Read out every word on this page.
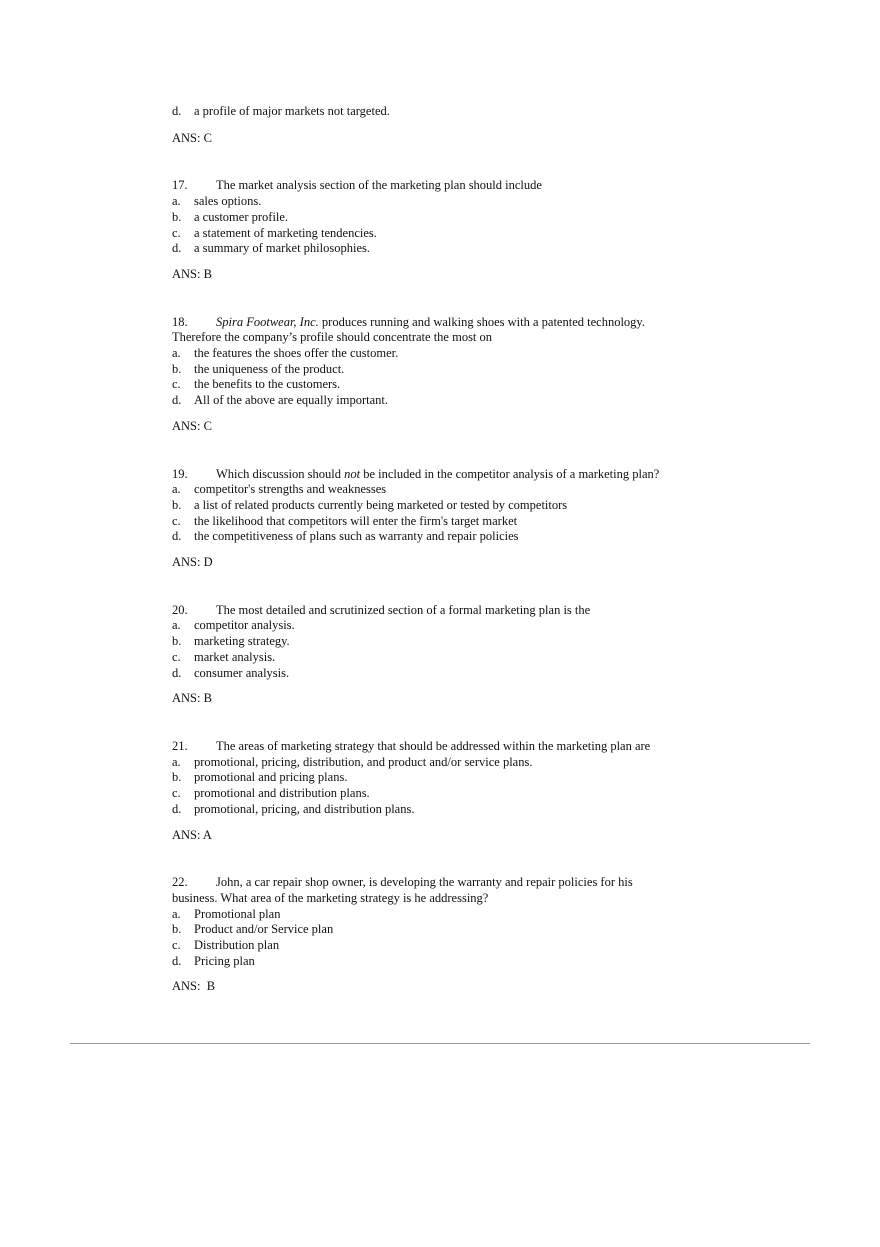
d.	a profile of major markets not targeted.
ANS: C
17. The market analysis section of the marketing plan should include
a.	sales options.
b.	a customer profile.
c.	a statement of marketing tendencies.
d.	a summary of market philosophies.
ANS: B
18. Spira Footwear, Inc. produces running and walking shoes with a patented technology.
Therefore the company’s profile should concentrate the most on
a.	the features the shoes offer the customer.
b.	the uniqueness of the product.
c.	the benefits to the customers.
d.	All of the above are equally important.
ANS: C
19. Which discussion should not be included in the competitor analysis of a marketing plan?
a.	competitor's strengths and weaknesses
b.	a list of related products currently being marketed or tested by competitors
c.	the likelihood that competitors will enter the firm's target market
d.	the competitiveness of plans such as warranty and repair policies
ANS: D
20. The most detailed and scrutinized section of a formal marketing plan is the
a.	competitor analysis.
b.	marketing strategy.
c.	market analysis.
d.	consumer analysis.
ANS: B
21. The areas of marketing strategy that should be addressed within the marketing plan are
a.	promotional, pricing, distribution, and product and/or service plans.
b.	promotional and pricing plans.
c.	promotional and distribution plans.
d.	promotional, pricing, and distribution plans.
ANS: A
22. John, a car repair shop owner, is developing the warranty and repair policies for his
business. What area of the marketing strategy is he addressing?
a.	Promotional plan
b.	Product and/or Service plan
c.	Distribution plan
d.	Pricing plan
ANS:  B
